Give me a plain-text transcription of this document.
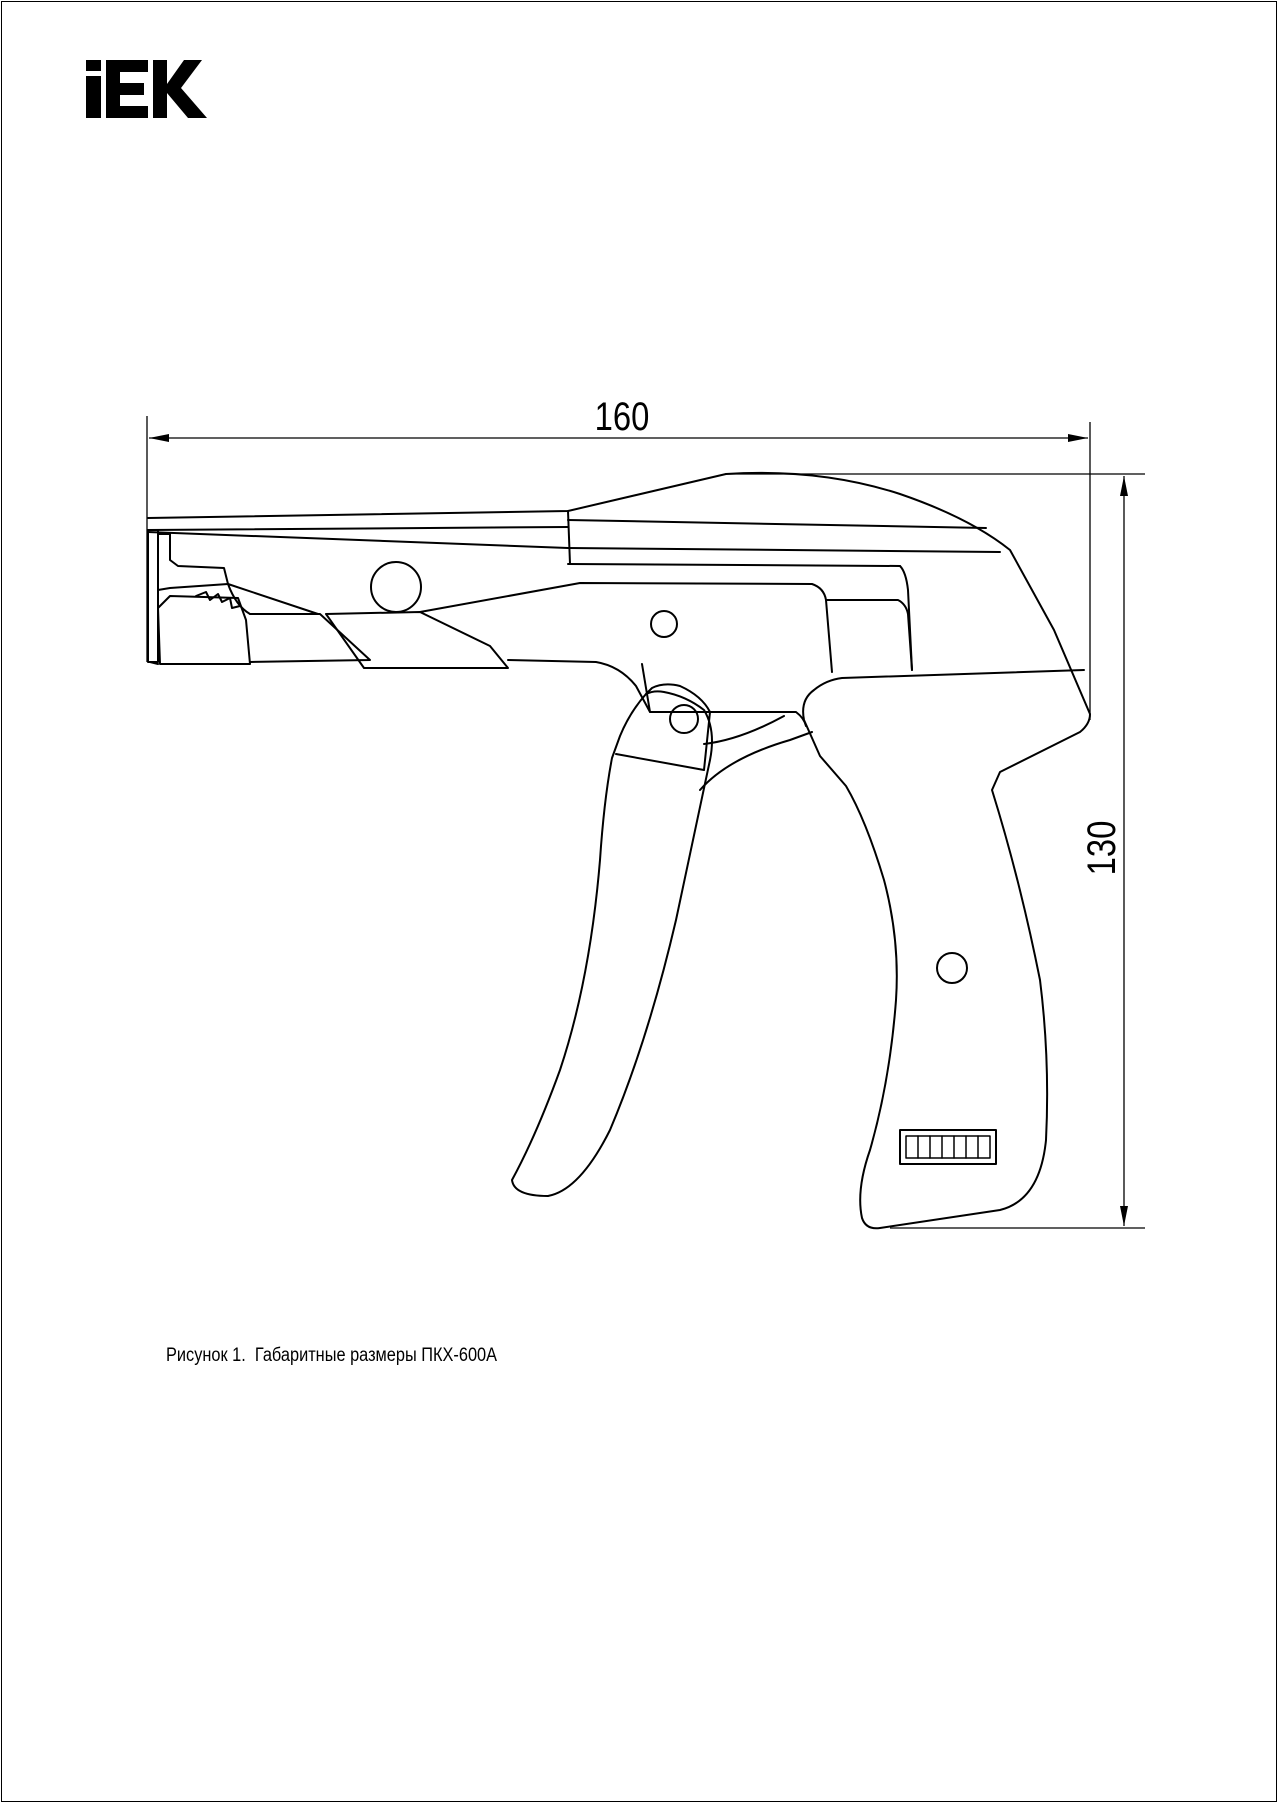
160
130
Рисунок 1. Габаритные размеры ПКХ-600А
